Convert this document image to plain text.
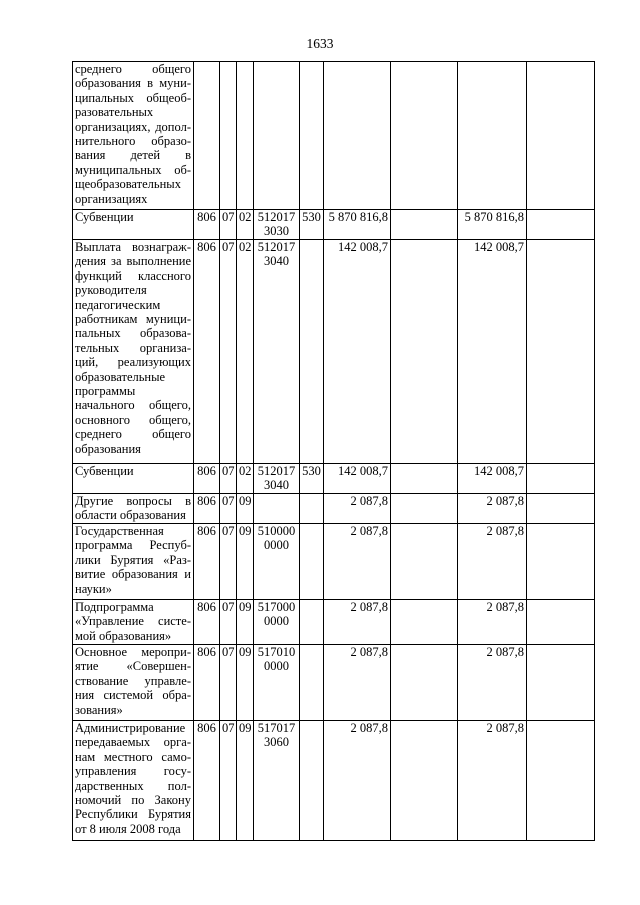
1633
среднего общего образования в муниципальных общеобразовательных организациях, дополнительного образования детей в муниципальных общеобразовательных организациях									
Субвенции	806	07	02	512017 3030	530	5 870 816,8		5 870 816,8	
Выплата вознаграждения за выполнение функций классного руководителя педагогическим работникам муниципальных образовательных организаций, реализующих образовательные программы начального общего, основного общего, среднего общего образования	806	07	02	512017 3040		142 008,7		142 008,7	
Субвенции	806	07	02	512017 3040	530	142 008,7		142 008,7	
Другие вопросы в области образования	806	07	09			2 087,8		2 087,8	
Государственная программа Республики Бурятия «Развитие образования и науки»	806	07	09	510000 0000		2 087,8		2 087,8	
Подпрограмма «Управление системой образования»	806	07	09	517000 0000		2 087,8		2 087,8	
Основное мероприятие «Совершенствование управления системой образования»	806	07	09	517010 0000		2 087,8		2 087,8	
Администрирование передаваемых органам местного самоуправления государственных полномочий по Закону Республики Бурятия от 8 июля 2008 года	806	07	09	517017 3060		2 087,8		2 087,8	
